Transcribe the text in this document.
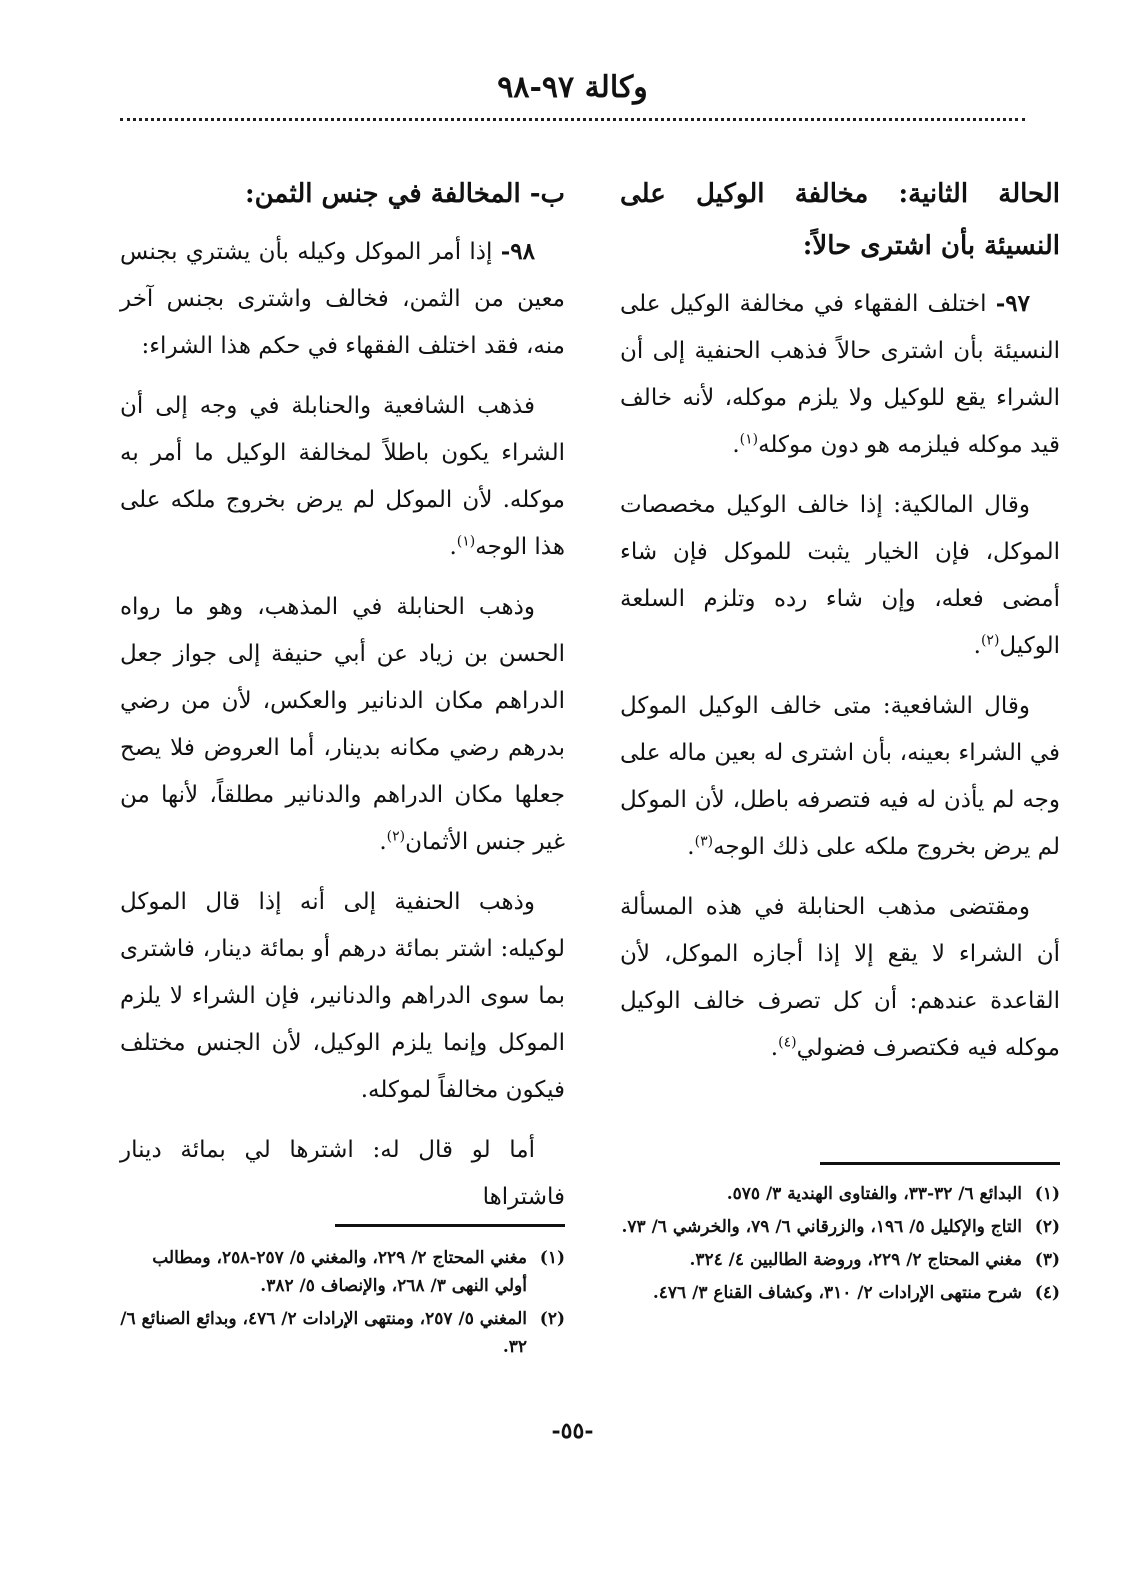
وكالة ٩٧-٩٨
الحالة الثانية: مخالفة الوكيل على النسيئة بأن اشترى حالاً:

٩٧- اختلف الفقهاء في مخالفة الوكيل على النسيئة بأن اشترى حالاً فذهب الحنفية إلى أن الشراء يقع للوكيل ولا يلزم موكله، لأنه خالف قيد موكله فيلزمه هو دون موكله$^{(١)}$.

وقال المالكية: إذا خالف الوكيل مخصصات الموكل، فإن الخيار يثبت للموكل فإن شاء أمضى فعله، وإن شاء رده وتلزم السلعة الوكيل$^{(٢)}$.

وقال الشافعية: متى خالف الوكيل الموكل في الشراء بعينه، بأن اشترى له بعين ماله على وجه لم يأذن له فيه فتصرفه باطل، لأن الموكل لم يرض بخروج ملكه على ذلك الوجه$^{(٣)}$.

ومقتضى مذهب الحنابلة في هذه المسألة أن الشراء لا يقع إلا إذا أجازه الموكل، لأن القاعدة عندهم: أن كل تصرف خالف الوكيل موكله فيه فكتصرف فضولي$^{(٤)}$.

ب- المخالفة في جنس الثمن:

٩٨- إذا أمر الموكل وكيله بأن يشتري بجنس معين من الثمن، فخالف واشترى بجنس آخر منه، فقد اختلف الفقهاء في حكم هذا الشراء:

فذهب الشافعية والحنابلة في وجه إلى أن الشراء يكون باطلاً لمخالفة الوكيل ما أمر به موكله. لأن الموكل لم يرض بخروج ملكه على هذا الوجه$^{(١)}$.

وذهب الحنابلة في المذهب، وهو ما رواه الحسن بن زياد عن أبي حنيفة إلى جواز جعل الدراهم مكان الدنانير والعكس، لأن من رضي بدرهم رضي مكانه بدينار، أما العروض فلا يصح جعلها مكان الدراهم والدنانير مطلقاً، لأنها من غير جنس الأثمان$^{(٢)}$.

وذهب الحنفية إلى أنه إذا قال الموكل لوكيله: اشتر بمائة درهم أو بمائة دينار، فاشترى بما سوى الدراهم والدنانير، فإن الشراء لا يلزم الموكل وإنما يلزم الوكيل، لأن الجنس مختلف فيكون مخالفاً لموكله.

أما لو قال له: اشترها لي بمائة دينار فاشتراها	(١)
البدائع ٦/ ٣٢-٣٣، والفتاوى الهندية ٣/ ٥٧٥.
(٢)
التاج والإكليل ٥/ ١٩٦، والزرقاني ٦/ ٧٩، والخرشي ٦/ ٧٣.
(٣)
مغني المحتاج ٢/ ٢٢٩، وروضة الطالبين ٤/ ٣٢٤.
(٤)
شرح منتهى الإرادات ٢/ ٣١٠، وكشاف القناع ٣/ ٤٧٦.
(١)
مغني المحتاج ٢/ ٢٢٩، والمغني ٥/ ٢٥٧-٢٥٨، ومطالب أولي النهى ٣/ ٢٦٨، والإنصاف ٥/ ٣٨٢.
(٢)
المغني ٥/ ٢٥٧، ومنتهى الإرادات ٢/ ٤٧٦، وبدائع الصنائع ٦/ ٣٢.
-٥٥-
